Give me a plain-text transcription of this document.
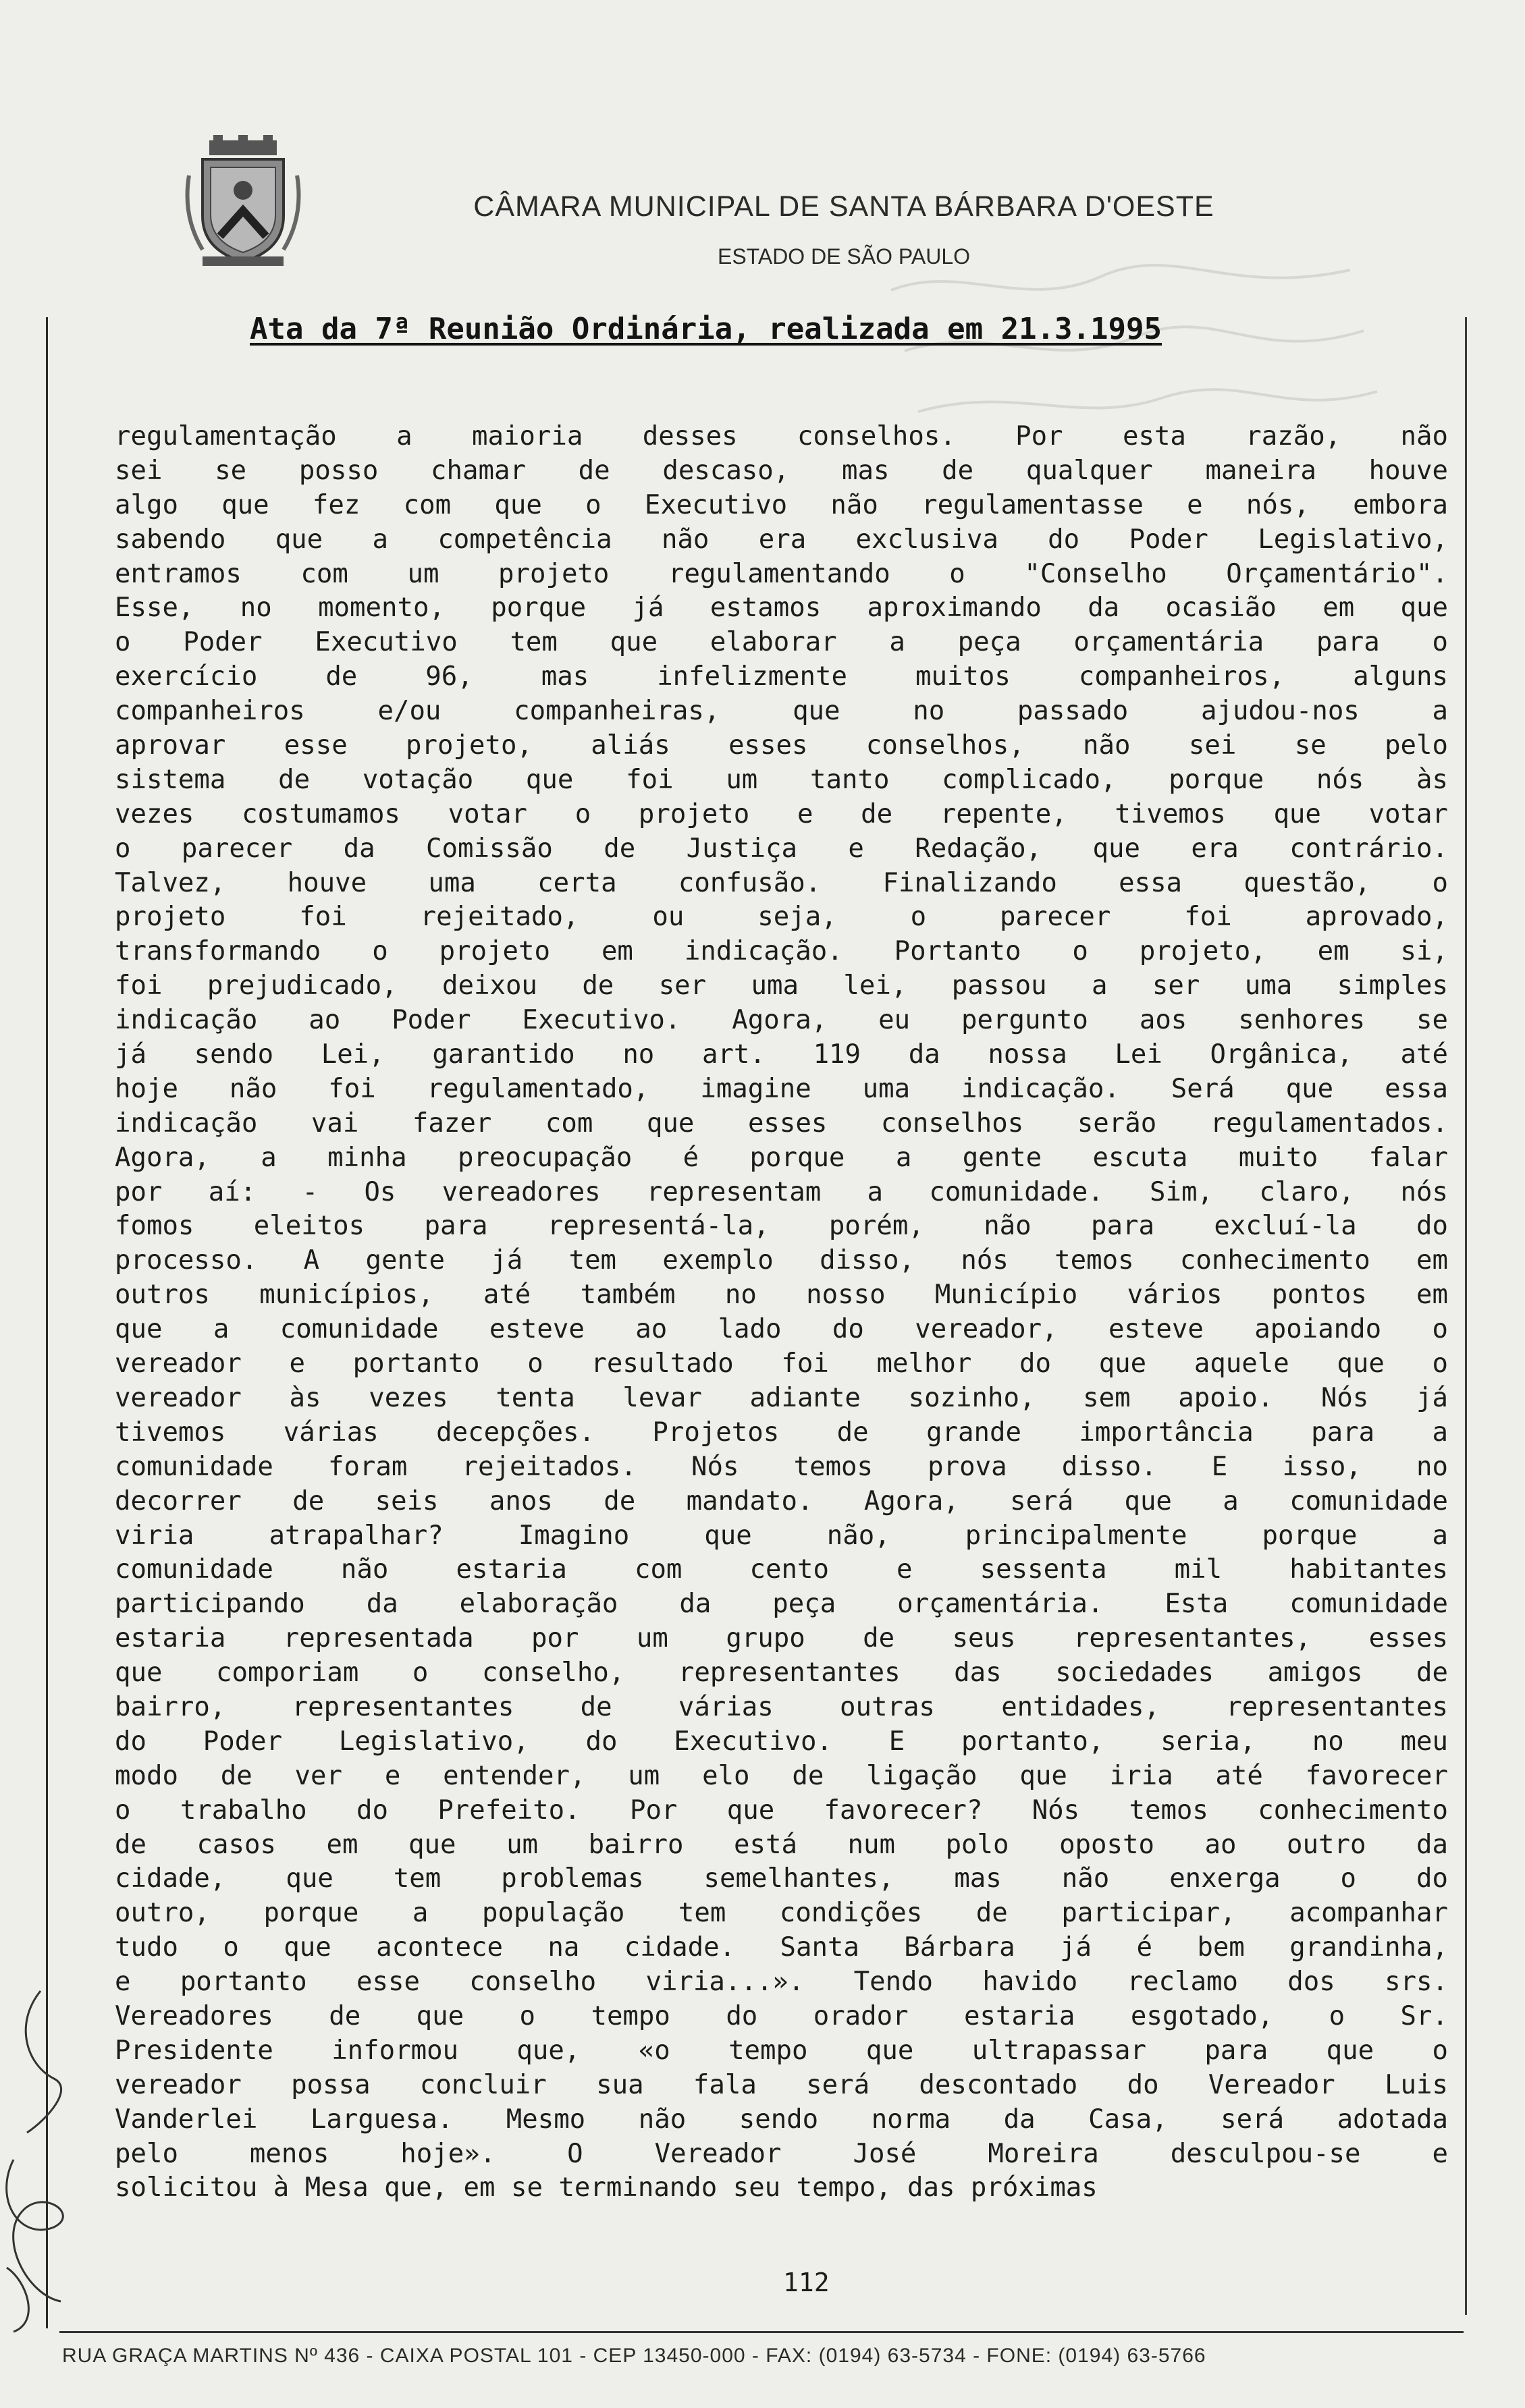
CÂMARA MUNICIPAL DE SANTA BÁRBARA D'OESTE
ESTADO DE SÃO PAULO
Ata da 7ª Reunião Ordinária, realizada em 21.3.1995
regulamentação a maioria desses conselhos. Por esta razão, não
sei se posso chamar de descaso, mas de qualquer maneira houve
algo que fez com que o Executivo não regulamentasse e nós, embora
sabendo que a competência não era exclusiva do Poder Legislativo,
entramos com um projeto regulamentando o "Conselho Orçamentário".
Esse, no momento, porque já estamos aproximando da ocasião em que
o Poder Executivo tem que elaborar a peça orçamentária para o
exercício de 96, mas infelizmente muitos companheiros, alguns
companheiros e/ou companheiras, que no passado ajudou-nos a
aprovar esse projeto, aliás esses conselhos, não sei se pelo
sistema de votação que foi um tanto complicado, porque nós às
vezes costumamos votar o projeto e de repente, tivemos que votar
o parecer da Comissão de Justiça e Redação, que era contrário.
Talvez, houve uma certa confusão. Finalizando essa questão, o
projeto foi rejeitado, ou seja, o parecer foi aprovado,
transformando o projeto em indicação. Portanto o projeto, em si,
foi prejudicado, deixou de ser uma lei, passou a ser uma simples
indicação ao Poder Executivo. Agora, eu pergunto aos senhores se
já sendo Lei, garantido no art. 119 da nossa Lei Orgânica, até
hoje não foi regulamentado, imagine uma indicação. Será que essa
indicação vai fazer com que esses conselhos serão regulamentados.
Agora, a minha preocupação é porque a gente escuta muito falar
por aí: - Os vereadores representam a comunidade. Sim, claro, nós
fomos eleitos para representá-la, porém, não para excluí-la do
processo. A gente já tem exemplo disso, nós temos conhecimento em
outros municípios, até também no nosso Município vários pontos em
que a comunidade esteve ao lado do vereador, esteve apoiando o
vereador e portanto o resultado foi melhor do que aquele que o
vereador às vezes tenta levar adiante sozinho, sem apoio. Nós já
tivemos várias decepções. Projetos de grande importância para a
comunidade foram rejeitados. Nós temos prova disso. E isso, no
decorrer de seis anos de mandato. Agora, será que a comunidade
viria atrapalhar? Imagino que não, principalmente porque a
comunidade não estaria com cento e sessenta mil habitantes
participando da elaboração da peça orçamentária. Esta comunidade
estaria representada por um grupo de seus representantes, esses
que comporiam o conselho, representantes das sociedades amigos de
bairro, representantes de várias outras entidades, representantes
do Poder Legislativo, do Executivo. E portanto, seria, no meu
modo de ver e entender, um elo de ligação que iria até favorecer
o trabalho do Prefeito. Por que favorecer? Nós temos conhecimento
de casos em que um bairro está num polo oposto ao outro da
cidade, que tem problemas semelhantes, mas não enxerga o do
outro, porque a população tem condições de participar, acompanhar
tudo o que acontece na cidade. Santa Bárbara já é bem grandinha,
e portanto esse conselho viria...». Tendo havido reclamo dos srs.
Vereadores de que o tempo do orador estaria esgotado, o Sr.
Presidente informou que, «o tempo que ultrapassar para que o
vereador possa concluir sua fala será descontado do Vereador Luis
Vanderlei Larguesa. Mesmo não sendo norma da Casa, será adotada
pelo menos hoje». O Vereador José Moreira desculpou-se e
solicitou à Mesa que, em se terminando seu tempo, das próximas
112
RUA GRAÇA MARTINS Nº 436 - CAIXA POSTAL 101 - CEP 13450-000 - FAX: (0194) 63-5734 - FONE: (0194) 63-5766
